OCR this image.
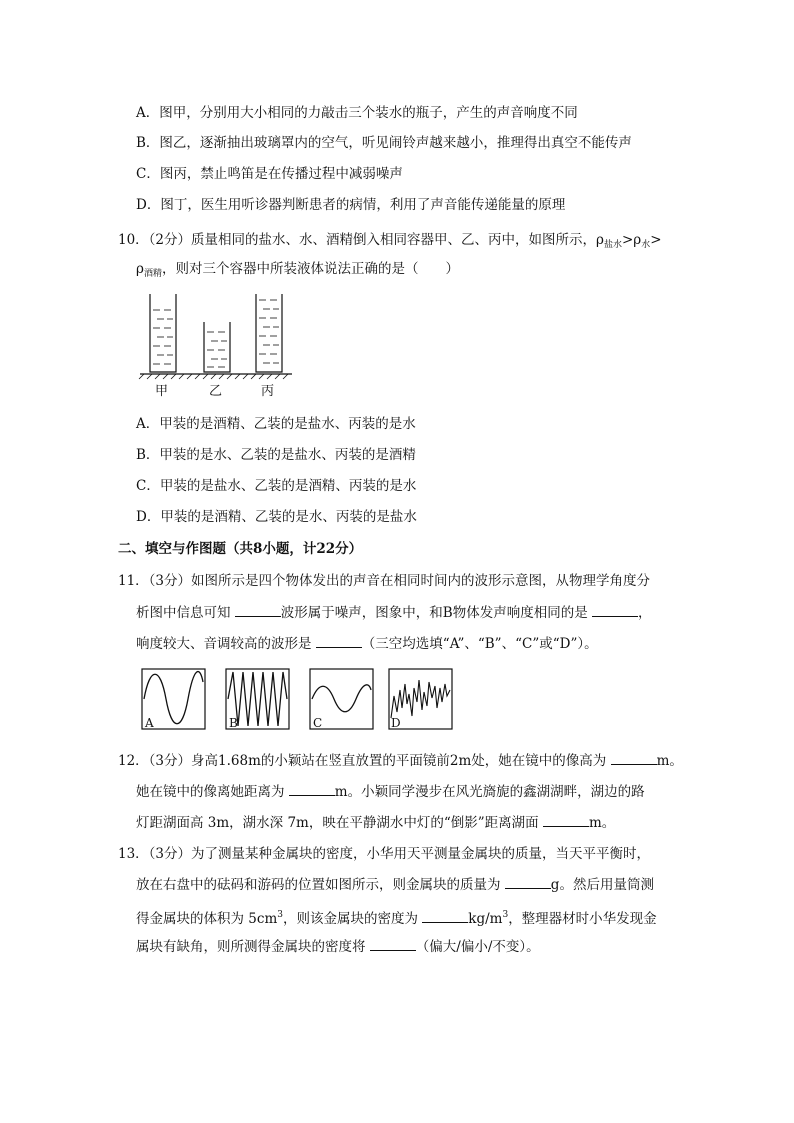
A．图甲，分别用大小相同的力敲击三个装水的瓶子，产生的声音响度不同
B．图乙，逐渐抽出玻璃罩内的空气，听见闹铃声越来越小，推理得出真空不能传声
C．图丙，禁止鸣笛是在传播过程中减弱噪声
D．图丁，医生用听诊器判断患者的病情，利用了声音能传递能量的原理
10．（2分）质量相同的盐水、水、酒精倒入相同容器甲、乙、丙中，如图所示，$\rho_{盐水}>\rho_水>$
$\rho_{酒精}$，则对三个容器中所装液体说法正确的是（　　）
甲	乙	丙
A．甲装的是酒精、乙装的是盐水、丙装的是水
B．甲装的是水、乙装的是盐水、丙装的是酒精
C．甲装的是盐水、乙装的是酒精、丙装的是水
D．甲装的是酒精、乙装的是水、丙装的是盐水
二、填空与作图题（共8小题，计22分）
11．（3分）如图所示是四个物体发出的声音在相同时间内的波形示意图，从物理学角度分
析图中信息可知	波形属于噪声，图象中，和B物体发声响度相同的是	，
响度较大、音调较高的波形是	（三空均选填“A”、“B”、“C”或“D”）。
A	B	C	D
12．（3分）身高1.68m的小颖站在竖直放置的平面镜前2m处，她在镜中的像高为	m。
她在镜中的像离她距离为	m。小颖同学漫步在风光旖旎的鑫湖湖畔，湖边的路
灯距湖面高 3m，湖水深 7m，映在平静湖水中灯的“倒影”距离湖面	m。
13．（3分）为了测量某种金属块的密度，小华用天平测量金属块的质量，当天平平衡时，
放在右盘中的砝码和游码的位置如图所示，则金属块的质量为	g。然后用量筒测
得金属块的体积为 $5cm^3$，则该金属块的密度为	$kg/m^3$，整理器材时小华发现金
属块有缺角，则所测得金属块的密度将	（偏大/偏小/不变）。
